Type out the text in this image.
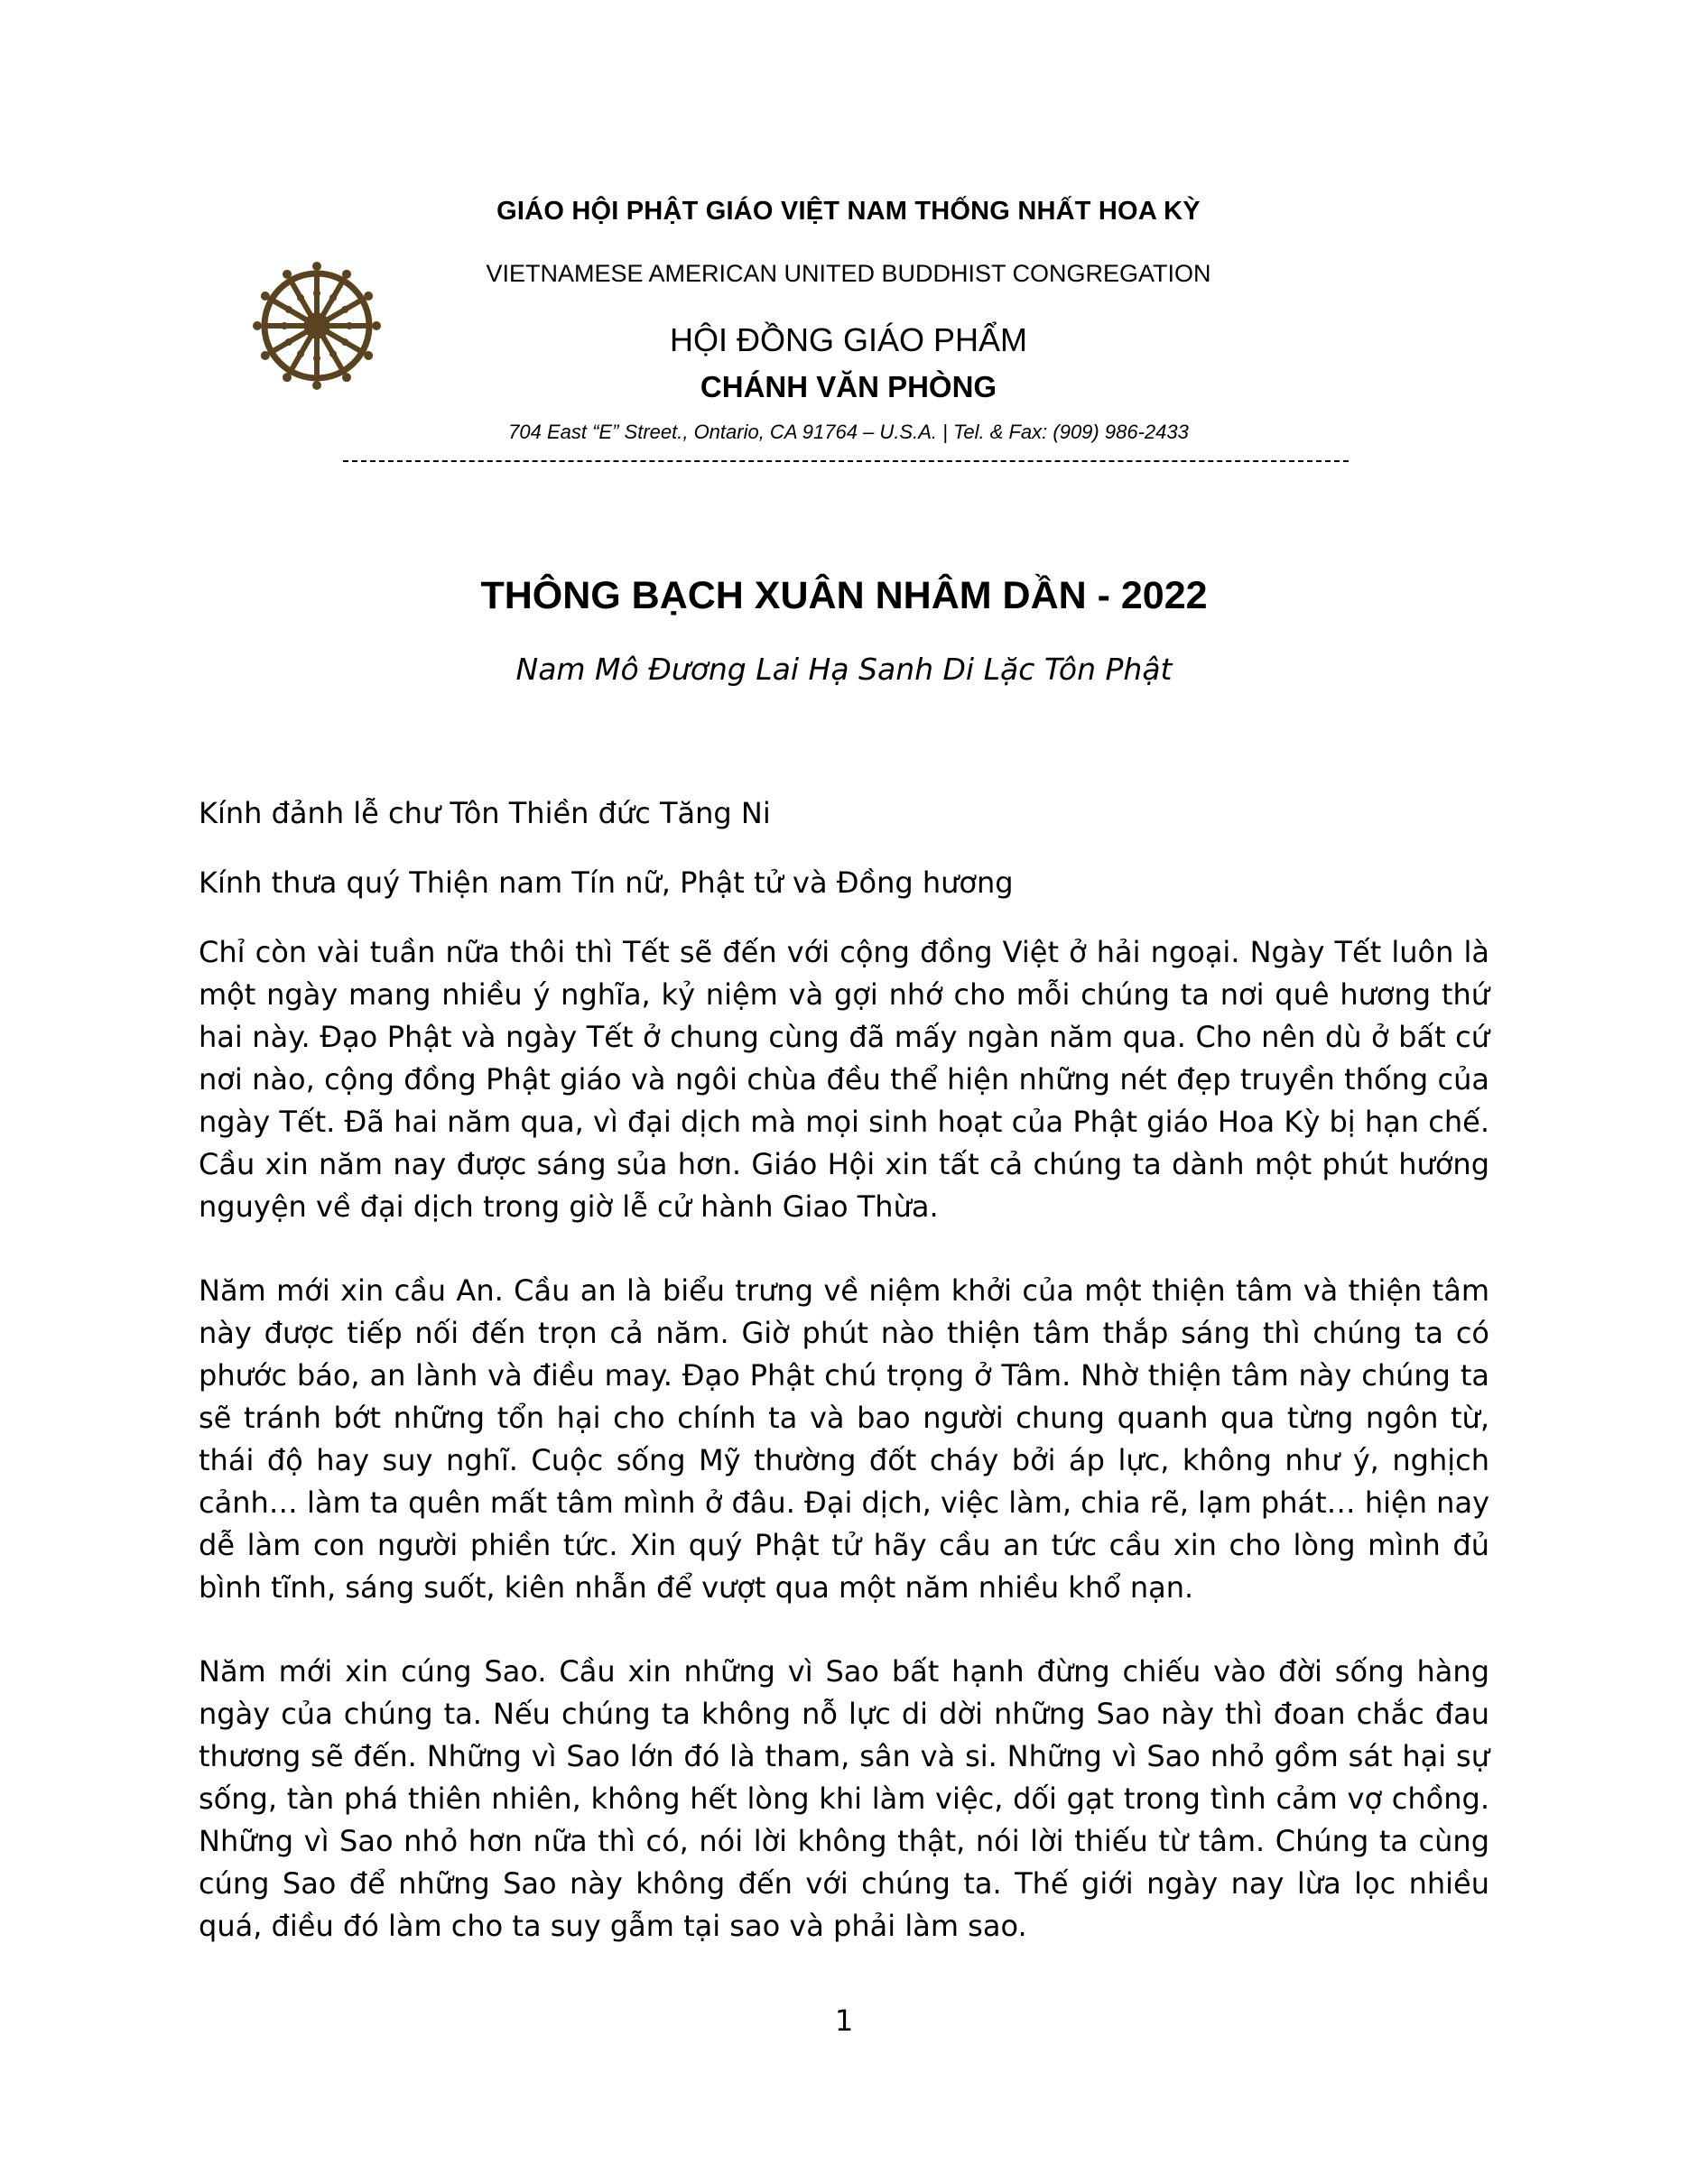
GIÁO HỘI PHẬT GIÁO VIỆT NAM THỐNG NHẤT HOA KỲ
VIETNAMESE AMERICAN UNITED BUDDHIST CONGREGATION
HỘI ĐỒNG GIÁO PHẨM
CHÁNH VĂN PHÒNG
704 East “E” Street., Ontario, CA 91764 – U.S.A. | Tel. & Fax: (909) 986-2433
THÔNG BẠCH XUÂN NHÂM DẦN - 2022
Nam Mô Đương Lai Hạ Sanh Di Lặc Tôn Phật

Kính đảnh lễ chư Tôn Thiền đức Tăng Ni

Kính thưa quý Thiện nam Tín nữ, Phật tử và Đồng hương

Chỉ còn vài tuần nữa thôi thì Tết sẽ đến với cộng đồng Việt ở hải ngoại. Ngày Tết luôn là một ngày mang nhiều ý nghĩa, kỷ niệm và gợi nhớ cho mỗi chúng ta nơi quê hương thứ hai này. Đạo Phật và ngày Tết ở chung cùng đã mấy ngàn năm qua. Cho nên dù ở bất cứ nơi nào, cộng đồng Phật giáo và ngôi chùa đều thể hiện những nét đẹp truyền thống của ngày Tết. Đã hai năm qua, vì đại dịch mà mọi sinh hoạt của Phật giáo Hoa Kỳ bị hạn chế. Cầu xin năm nay được sáng sủa hơn. Giáo Hội xin tất cả chúng ta dành một phút hướng nguyện về đại dịch trong giờ lễ cử hành Giao Thừa.

Năm mới xin cầu An. Cầu an là biểu trưng về niệm khởi của một thiện tâm và thiện tâm này được tiếp nối đến trọn cả năm. Giờ phút nào thiện tâm thắp sáng thì chúng ta có phước báo, an lành và điều may. Đạo Phật chú trọng ở Tâm. Nhờ thiện tâm này chúng ta sẽ tránh bớt những tổn hại cho chính ta và bao người chung quanh qua từng ngôn từ, thái độ hay suy nghĩ. Cuộc sống Mỹ thường đốt cháy bởi áp lực, không như ý, nghịch cảnh… làm ta quên mất tâm mình ở đâu. Đại dịch, việc làm, chia rẽ, lạm phát… hiện nay dễ làm con người phiền tức. Xin quý Phật tử hãy cầu an tức cầu xin cho lòng mình đủ bình tĩnh, sáng suốt, kiên nhẫn để vượt qua một năm nhiều khổ nạn.

Năm mới xin cúng Sao. Cầu xin những vì Sao bất hạnh đừng chiếu vào đời sống hàng ngày của chúng ta. Nếu chúng ta không nỗ lực di dời những Sao này thì đoan chắc đau thương sẽ đến. Những vì Sao lớn đó là tham, sân và si. Những vì Sao nhỏ gồm sát hại sự sống, tàn phá thiên nhiên, không hết lòng khi làm việc, dối gạt trong tình cảm vợ chồng. Những vì Sao nhỏ hơn nữa thì có, nói lời không thật, nói lời thiếu từ tâm. Chúng ta cùng cúng Sao để những Sao này không đến với chúng ta. Thế giới ngày nay lừa lọc nhiều quá, điều đó làm cho ta suy gẫm tại sao và phải làm sao.

1
